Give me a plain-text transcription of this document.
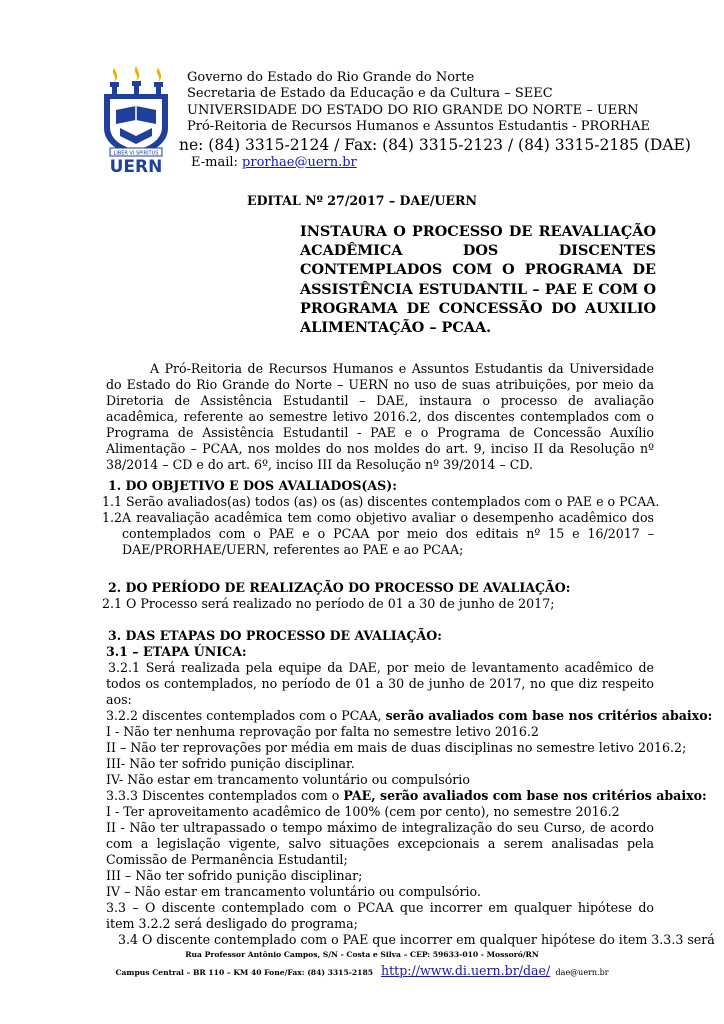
LIBER VI SPIRITUS
UERN
Governo do Estado do Rio Grande do Norte
Secretaria de Estado da Educação e da Cultura – SEEC
UNIVERSIDADE DO ESTADO DO RIO GRANDE DO NORTE – UERN
Pró-Reitoria de Recursos Humanos e Assuntos Estudantis - PRORHAE
ne: (84) 3315-2124 / Fax: (84) 3315-2123 / (84) 3315-2185 (DAE)
E-mail: prorhae@uern.br
EDITAL Nº 27/2017 – DAE/UERN
INSTAURA O PROCESSO DE REAVALIAÇÃO ACADÊMICA DOS DISCENTES CONTEMPLADOS COM O PROGRAMA DE ASSISTÊNCIA ESTUDANTIL – PAE E COM O PROGRAMA DE CONCESSÃO DO AUXILIO ALIMENTAÇÃO – PCAA.
A Pró-Reitoria de Recursos Humanos e Assuntos Estudantis da Universidade do Estado do Rio Grande do Norte – UERN no uso de suas atribuições, por meio da Diretoria de Assistência Estudantil – DAE, instaura o processo de avaliação acadêmica, referente ao semestre letivo 2016.2, dos discentes contemplados com o Programa de Assistência Estudantil - PAE e o Programa de Concessão Auxílio Alimentação – PCAA, nos moldes do nos moldes do art. 9, inciso II da Resolução nº 38/2014 – CD e do art. 6º, inciso III da Resolução nº 39/2014 – CD.
1. DO OBJETIVO E DOS AVALIADOS(AS):
1.1 Serão avaliados(as) todos (as) os (as) discentes contemplados com o PAE e o PCAA.
1.2 A reavaliação acadêmica tem como objetivo avaliar o desempenho acadêmico dos contemplados com o PAE e o PCAA por meio dos editais nº 15 e 16/2017 – DAE/PRORHAE/UERN, referentes ao PAE e ao PCAA;
2. DO PERÍODO DE REALIZAÇÃO DO PROCESSO DE AVALIAÇÃO:
2.1 O Processo será realizado no período de 01 a 30 de junho de 2017;
3. DAS ETAPAS DO PROCESSO DE AVALIAÇÃO:
3.1 – ETAPA ÚNICA:
3.2.1 Será realizada pela equipe da DAE, por meio de levantamento acadêmico de todos os contemplados, no período de 01 a 30 de junho de 2017, no que diz respeito aos:
3.2.2 discentes contemplados com o PCAA, serão avaliados com base nos critérios abaixo:
I - Não ter nenhuma reprovação por falta no semestre letivo 2016.2
II – Não ter reprovações por média em mais de duas disciplinas no semestre letivo 2016.2;
III- Não ter sofrido punição disciplinar.
IV- Não estar em trancamento voluntário ou compulsório
3.3.3 Discentes contemplados com o PAE, serão avaliados com base nos critérios abaixo:
I - Ter aproveitamento acadêmico de 100% (cem por cento), no semestre 2016.2
II - Não ter ultrapassado o tempo máximo de integralização do seu Curso, de acordo com a legislação vigente, salvo situações excepcionais a serem analisadas pela Comissão de Permanência Estudantil;
III – Não ter sofrido punição disciplinar;
IV – Não estar em trancamento voluntário ou compulsório.
3.3 – O discente contemplado com o PCAA que incorrer em qualquer hipótese do item 3.2.2 será desligado do programa;
3.4 O discente contemplado com o PAE que incorrer em qualquer hipótese do item 3.3.3 será
Rua Professor Antônio Campos, S/N - Costa e Silva – CEP: 59633-010 - Mossoró/RN
Campus Central – BR 110 – KM 40 Fone/Fax: (84) 3315-2185 http://www.di.uern.br/dae/ dae@uern.br
